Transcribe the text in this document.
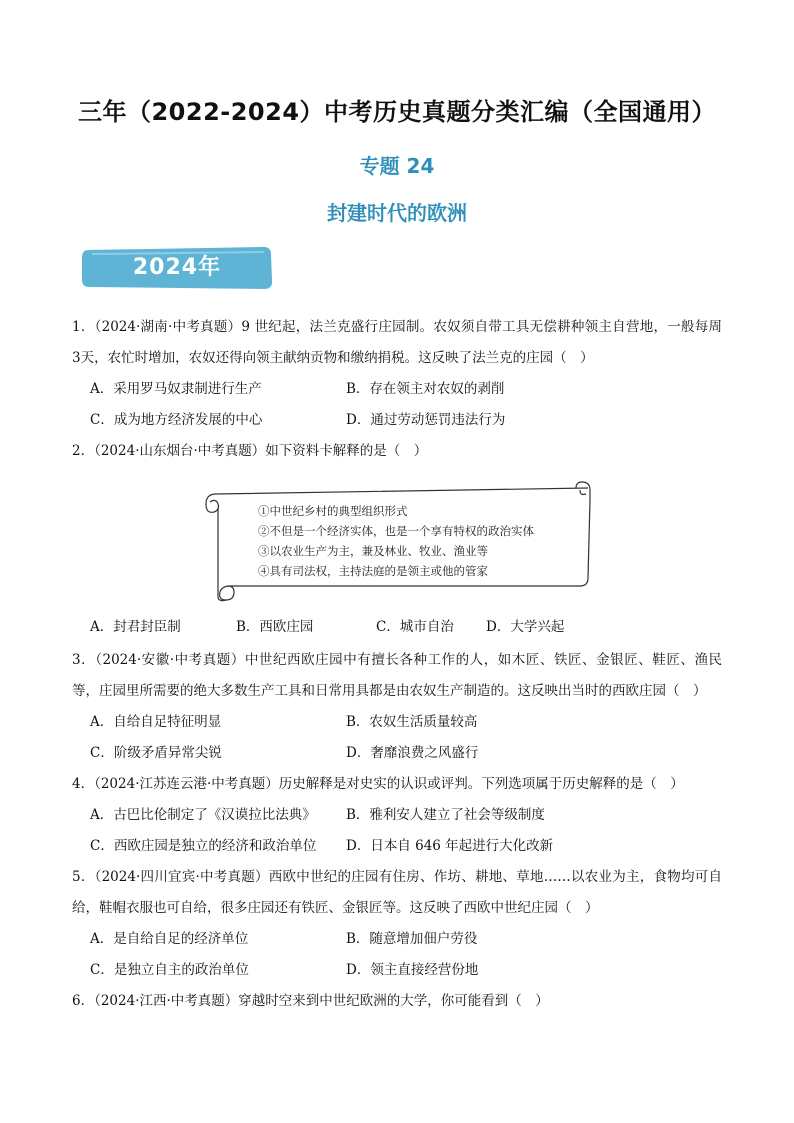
三年（2022-2024）中考历史真题分类汇编（全国通用）
专题 24
封建时代的欧洲
2024年
1．（2024·湖南·中考真题）9 世纪起，法兰克盛行庄园制。农奴须自带工具无偿耕种领主自营地，一般每周 3天，农忙时增加，农奴还得向领主献纳贡物和缴纳捐税。这反映了法兰克的庄园（　）
A．采用罗马奴隶制进行生产	B．存在领主对农奴的剥削
C．成为地方经济发展的中心	D．通过劳动惩罚违法行为
2．（2024·山东烟台·中考真题）如下资料卡解释的是（　）
①中世纪乡村的典型组织形式
②不但是一个经济实体，也是一个享有特权的政治实体
③以农业生产为主，兼及林业、牧业、渔业等
④具有司法权，主持法庭的是领主或他的管家
A．封君封臣制	B．西欧庄园	C．城市自治 D．大学兴起
3．（2024·安徽·中考真题）中世纪西欧庄园中有擅长各种工作的人，如木匠、铁匠、金银匠、鞋匠、渔民等，庄园里所需要的绝大多数生产工具和日常用具都是由农奴生产制造的。这反映出当时的西欧庄园（　）
A．自给自足特征明显	B．农奴生活质量较高
C．阶级矛盾异常尖锐	D．奢靡浪费之风盛行
4．（2024·江苏连云港·中考真题）历史解释是对史实的认识或评判。下列选项属于历史解释的是（　）
A．古巴比伦制定了《汉谟拉比法典》 B．雅利安人建立了社会等级制度
C．西欧庄园是独立的经济和政治单位 D．日本自 646 年起进行大化改新
5．（2024·四川宜宾·中考真题）西欧中世纪的庄园有住房、作坊、耕地、草地……以农业为主，食物均可自给，鞋帽衣服也可自给，很多庄园还有铁匠、金银匠等。这反映了西欧中世纪庄园（　）
A．是自给自足的经济单位	B．随意增加佃户劳役
C．是独立自主的政治单位	D．领主直接经营份地
6．（2024·江西·中考真题）穿越时空来到中世纪欧洲的大学，你可能看到（　）
